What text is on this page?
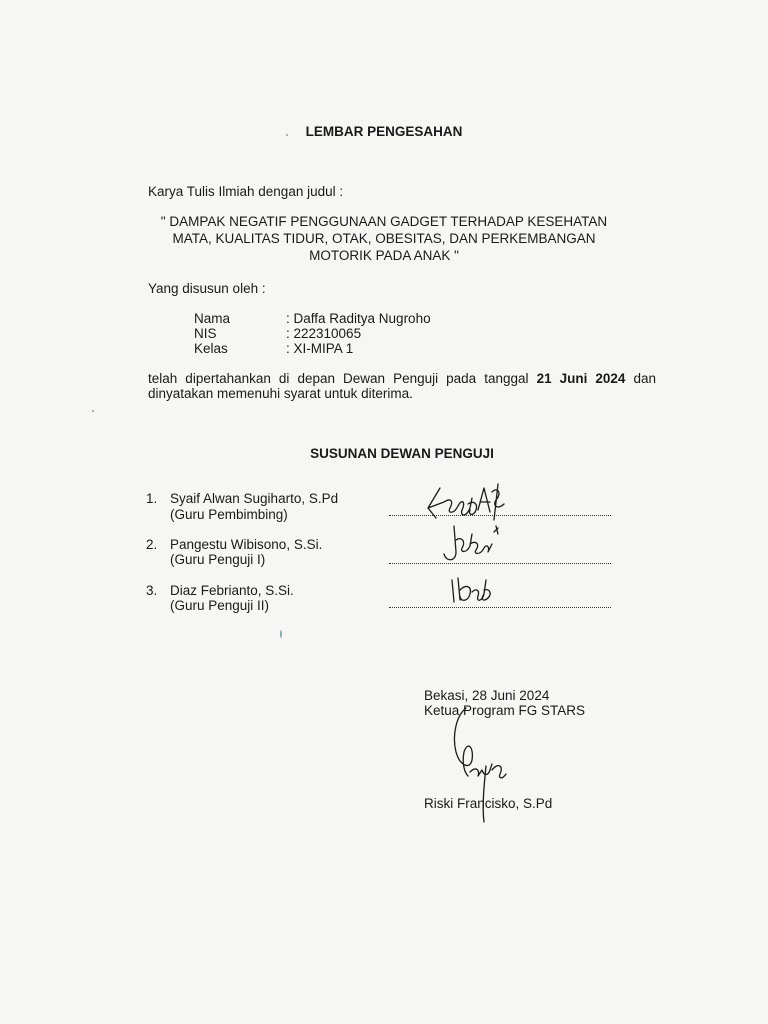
LEMBAR PENGESAHAN
Karya Tulis Ilmiah dengan judul :
" DAMPAK NEGATIF PENGGUNAAN GADGET TERHADAP KESEHATAN
MATA, KUALITAS TIDUR, OTAK, OBESITAS, DAN PERKEMBANGAN
MOTORIK PADA ANAK "
Yang disusun oleh :
Nama	: Daffa Raditya Nugroho
NIS	: 222310065
Kelas	: XI-MIPA 1
telah dipertahankan di depan Dewan Penguji pada tanggal 21 Juni 2024 dan
dinyatakan memenuhi syarat untuk diterima.
SUSUNAN DEWAN PENGUJI
1. Syaif Alwan Sugiharto, S.Pd
(Guru Pembimbing)
2. Pangestu Wibisono, S.Si.
(Guru Penguji I)
3. Diaz Febrianto, S.Si.
(Guru Penguji II)
Bekasi, 28 Juni 2024
Ketua Program FG STARS
Riski Francisko, S.Pd
